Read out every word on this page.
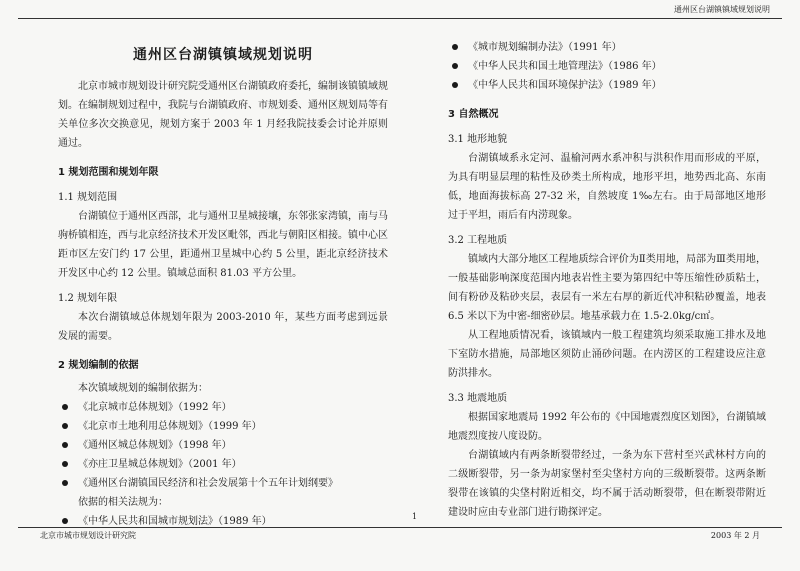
通州区台湖镇镇域规划说明
通州区台湖镇镇域规划说明

北京市城市规划设计研究院受通州区台湖镇政府委托，编制该镇镇域规划。在编制规划过程中，我院与台湖镇政府、市规划委、通州区规划局等有关单位多次交换意见，规划方案于 2003 年 1 月经我院技委会讨论并原则通过。

1 规划范围和规划年限
1.1 规划范围

台湖镇位于通州区西部，北与通州卫星城接壤，东邻张家湾镇，南与马驹桥镇相连，西与北京经济技术开发区毗邻，西北与朝阳区相接。镇中心区距市区左安门约 17 公里，距通州卫星城中心约 5 公里，距北京经济技术开发区中心约 12 公里。镇域总面积 81.03 平方公里。

1.2 规划年限

本次台湖镇域总体规划年限为 2003-2010 年，某些方面考虑到远景发展的需要。

2 规划编制的依据

本次镇域规划的编制依据为：

《北京城市总体规划》（1992 年）
《北京市土地利用总体规划》（1999 年）
《通州区城总体规划》（1998 年）
《亦庄卫星城总体规划》（2001 年）
《通州区台湖镇国民经济和社会发展第十个五年计划纲要》

依据的相关法规为：

《中华人民共和国城市规划法》（1989 年）
《城市规划编制办法》（1991 年）
《中华人民共和国土地管理法》（1986 年）
《中华人民共和国环境保护法》（1989 年）
3 自然概况
3.1 地形地貌

台湖镇域系永定河、温榆河两水系冲积与洪积作用而形成的平原，为具有明显层理的粘性及砂类土所构成，地形平坦，地势西北高、东南低，地面海拔标高 27-32 米，自然坡度 1‰左右。由于局部地区地形过于平坦，雨后有内涝现象。

3.2 工程地质

镇域内大部分地区工程地质综合评价为Ⅱ类用地，局部为Ⅲ类用地，一般基础影响深度范围内地表岩性主要为第四纪中等压缩性砂质粘土，间有粉砂及粘砂夹层，表层有一米左右厚的新近代冲积粘砂覆盖，地表 6.5 米以下为中密-细密砂层。地基承载力在 1.5-2.0kg/c㎡。

从工程地质情况看，该镇域内一般工程建筑均须采取施工排水及地下室防水措施，局部地区须防止涌砂问题。在内涝区的工程建设应注意防洪排水。

3.3 地震地质

根据国家地震局 1992 年公布的《中国地震烈度区划图》，台湖镇域地震烈度按八度设防。

台湖镇域内有两条断裂带经过，一条为东下营村至兴武林村方向的二级断裂带，另一条为胡家堡村至尖垡村方向的三级断裂带。这两条断裂带在该镇的尖垡村附近相交，均不属于活动断裂带，但在断裂带附近建设时应由专业部门进行勘探评定。

1
北京市城市规划设计研究院	2003 年 2 月
